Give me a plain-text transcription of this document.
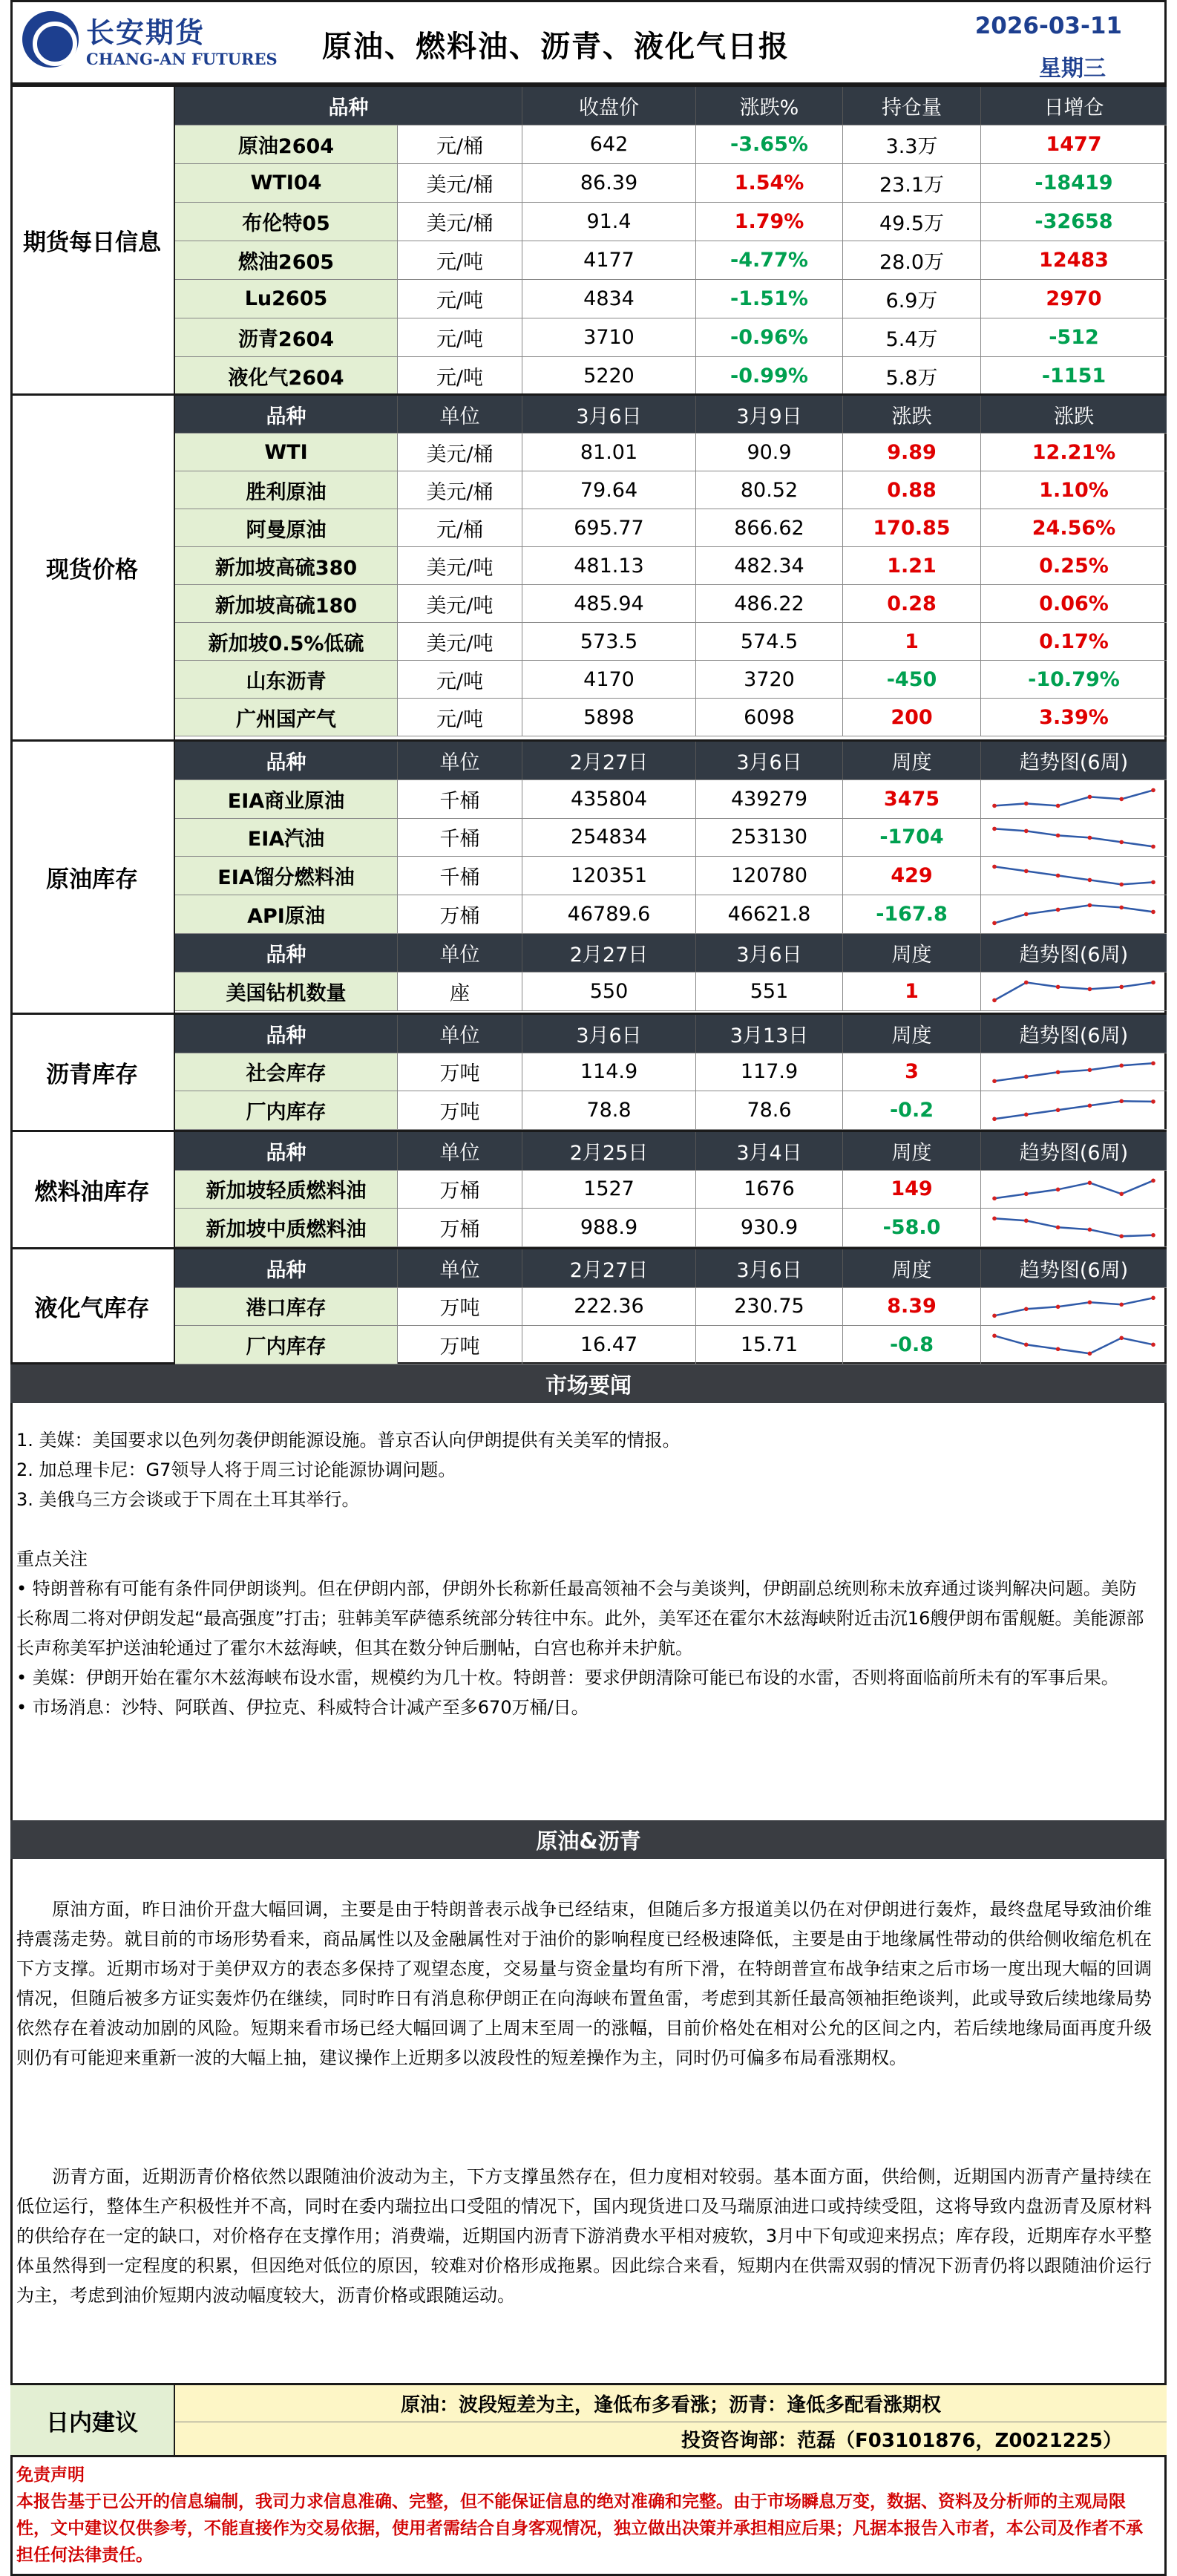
长安期货
CHANG-AN FUTURES 原油、燃料油、沥青、液化气日报
2026-03-11
星期三
期货每日信息
品种	收盘价	涨跌%	持仓量	日增仓
原油2604	元/桶	642	-3.65%	3.3万	1477
WTI04	美元/桶	86.39	1.54%	23.1万	-18419
布伦特05	美元/桶	91.4	1.79%	49.5万	-32658
燃油2605	元/吨	4177	-4.77%	28.0万	12483
Lu2605	元/吨	4834	-1.51%	6.9万	2970
沥青2604	元/吨	3710	-0.96%	5.4万	-512
液化气2604	元/吨	5220	-0.99%	5.8万	-1151
现货价格
品种	单位	3月6日	3月9日	涨跌	涨跌
WTI	美元/桶	81.01	90.9	9.89	12.21%
胜利原油	美元/桶	79.64	80.52	0.88	1.10%
阿曼原油	元/桶	695.77	866.62	170.85	24.56%
新加坡高硫380	美元/吨	481.13	482.34	1.21	0.25%
新加坡高硫180	美元/吨	485.94	486.22	0.28	0.06%
新加坡0.5%低硫	美元/吨	573.5	574.5	1	0.17%
山东沥青	元/吨	4170	3720	-450	-10.79%
广州国产气	元/吨	5898	6098	200	3.39%
原油库存
品种	单位	2月27日	3月6日	周度	趋势图(6周)
EIA商业原油	千桶	435804	439279	3475
EIA汽油	千桶	254834	253130	-1704
EIA馏分燃料油	千桶	120351	120780	429
API原油	万桶	46789.6	46621.8	-167.8
品种	单位	2月27日	3月6日	周度	趋势图(6周)
美国钻机数量	座	550	551	1
沥青库存
品种	单位	3月6日	3月13日	周度	趋势图(6周)
社会库存	万吨	114.9	117.9	3
厂内库存	万吨	78.8	78.6	-0.2
燃料油库存
品种	单位	2月25日	3月4日	周度	趋势图(6周)
新加坡轻质燃料油	万桶	1527	1676	149
新加坡中质燃料油	万桶	988.9	930.9	-58.0
液化气库存
品种	单位	2月27日	3月6日	周度	趋势图(6周)
港口库存	万吨	222.36	230.75	8.39
厂内库存	万吨	16.47	15.71	-0.8
市场要闻
1. 美媒：美国要求以色列勿袭伊朗能源设施。普京否认向伊朗提供有关美军的情报。
2. 加总理卡尼：G7领导人将于周三讨论能源协调问题。
3. 美俄乌三方会谈或于下周在土耳其举行。
重点关注
• 特朗普称有可能有条件同伊朗谈判。但在伊朗内部，伊朗外长称新任最高领袖不会与美谈判，伊朗副总统则称未放弃通过谈判解决问题。美防长称周二将对伊朗发起“最高强度”打击；驻韩美军萨德系统部分转往中东。此外，美军还在霍尔木兹海峡附近击沉16艘伊朗布雷舰艇。美能源部长声称美军护送油轮通过了霍尔木兹海峡，但其在数分钟后删帖，白宫也称并未护航。
• 美媒：伊朗开始在霍尔木兹海峡布设水雷，规模约为几十枚。特朗普：要求伊朗清除可能已布设的水雷，否则将面临前所未有的军事后果。
• 市场消息：沙特、阿联酋、伊拉克、科威特合计减产至多670万桶/日。
原油&沥青
原油方面，昨日油价开盘大幅回调，主要是由于特朗普表示战争已经结束，但随后多方报道美以仍在对伊朗进行轰炸，最终盘尾导致油价维持震荡走势。就目前的市场形势看来，商品属性以及金融属性对于油价的影响程度已经极速降低，主要是由于地缘属性带动的供给侧收缩危机在下方支撑。近期市场对于美伊双方的表态多保持了观望态度，交易量与资金量均有所下滑，在特朗普宣布战争结束之后市场一度出现大幅的回调情况，但随后被多方证实轰炸仍在继续，同时昨日有消息称伊朗正在向海峡布置鱼雷，考虑到其新任最高领袖拒绝谈判，此或导致后续地缘局势依然存在着波动加剧的风险。短期来看市场已经大幅回调了上周末至周一的涨幅，目前价格处在相对公允的区间之内，若后续地缘局面再度升级则仍有可能迎来重新一波的大幅上抽，建议操作上近期多以波段性的短差操作为主，同时仍可偏多布局看涨期权。
沥青方面，近期沥青价格依然以跟随油价波动为主，下方支撑虽然存在，但力度相对较弱。基本面方面，供给侧，近期国内沥青产量持续在低位运行，整体生产积极性并不高，同时在委内瑞拉出口受阻的情况下，国内现货进口及马瑞原油进口或持续受阻，这将导致内盘沥青及原材料的供给存在一定的缺口，对价格存在支撑作用；消费端，近期国内沥青下游消费水平相对疲软，3月中下旬或迎来拐点；库存段，近期库存水平整体虽然得到一定程度的积累，但因绝对低位的原因，较难对价格形成拖累。因此综合来看，短期内在供需双弱的情况下沥青仍将以跟随油价运行为主，考虑到油价短期内波动幅度较大，沥青价格或跟随运动。
日内建议
原油：波段短差为主，逢低布多看涨；沥青：逢低多配看涨期权
投资咨询部：范磊（F03101876，Z0021225）
免责声明
本报告基于已公开的信息编制，我司力求信息准确、完整，但不能保证信息的绝对准确和完整。由于市场瞬息万变，数据、资料及分析师的主观局限性，文中建议仅供参考，不能直接作为交易依据，使用者需结合自身客观情况，独立做出决策并承担相应后果；凡据本报告入市者，本公司及作者不承担任何法律责任。
